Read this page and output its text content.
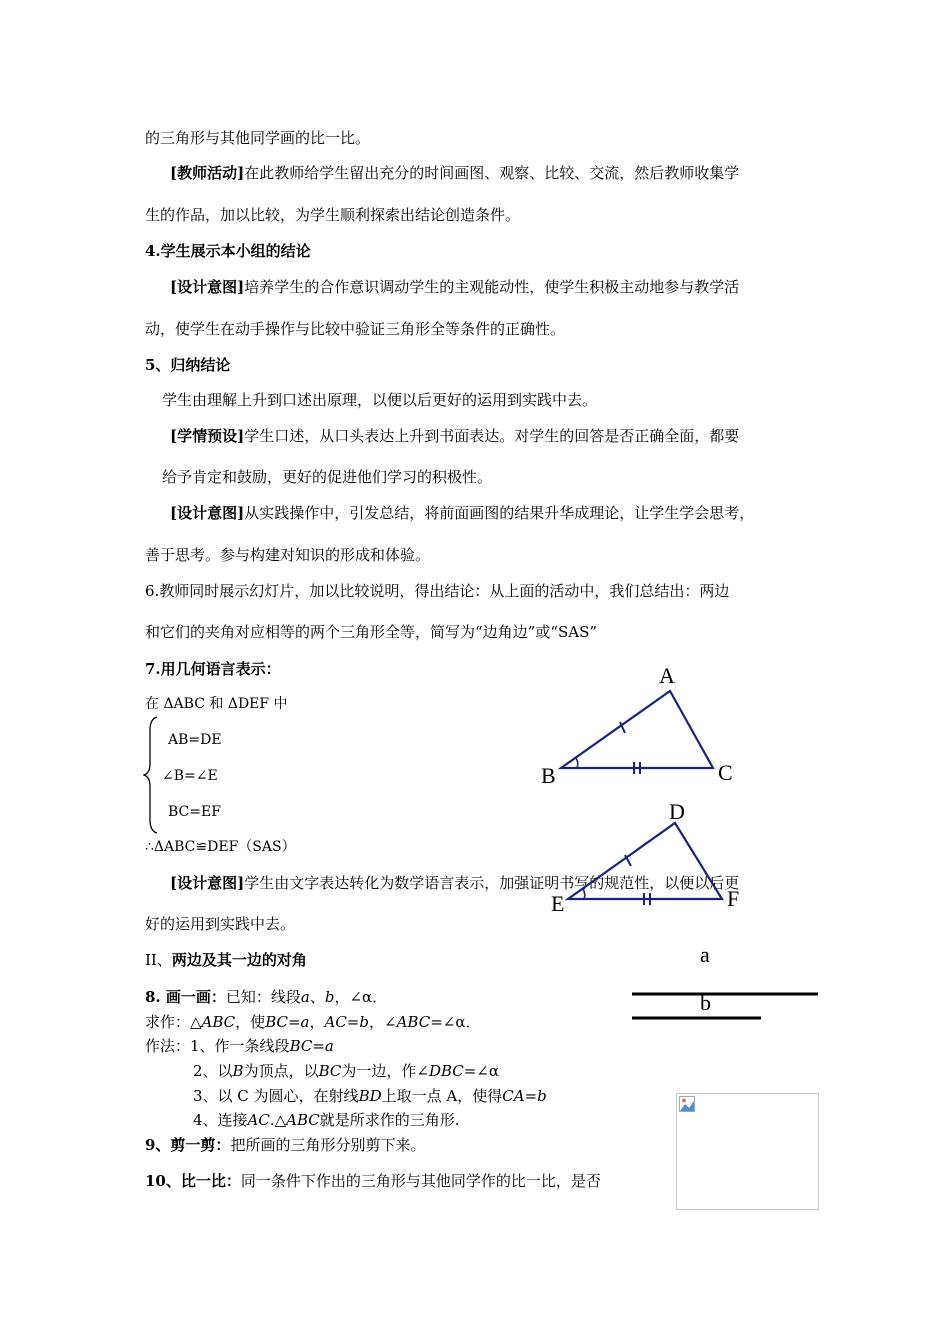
的三角形与其他同学画的比一比。
[教师活动]在此教师给学生留出充分的时间画图、观察、比较、交流，然后教师收集学
生的作品，加以比较，为学生顺利探索出结论创造条件。
4.学生展示本小组的结论
[设计意图]培养学生的合作意识调动学生的主观能动性，使学生积极主动地参与教学活
动，使学生在动手操作与比较中验证三角形全等条件的正确性。
5、归纳结论
学生由理解上升到口述出原理，以便以后更好的运用到实践中去。
[学情预设]学生口述，从口头表达上升到书面表达。对学生的回答是否正确全面，都要
给予肯定和鼓励，更好的促进他们学习的积极性。
[设计意图]从实践操作中，引发总结，将前面画图的结果升华成理论，让学生学会思考，
善于思考。参与构建对知识的形成和体验。
6.教师同时展示幻灯片，加以比较说明，得出结论：从上面的活动中，我们总结出：两边
和它们的夹角对应相等的两个三角形全等，简写为“边角边”或“SAS”
7.用几何语言表示：
在 ΔABC 和 ΔDEF 中
AB=DE
∠B=∠E
BC=EF
∴ΔABC≌DEF（SAS）
[设计意图]学生由文字表达转化为数学语言表示，加强证明书写的规范性，以便以后更
好的运用到实践中去。
II、两边及其一边的对角
8. 画一画：已知：线段a、b，∠α．
求作：△ABC，使BC=a，AC=b，∠ABC=∠α．
作法：1、作一条线段BC=a
2、以B为顶点，以BC为一边，作∠DBC=∠α
3、以 C 为圆心，在射线BD上取一点 A，使得CA=b
4、连接AC.△ABC就是所求作的三角形.
9、剪一剪：把所画的三角形分别剪下来。
10、比一比：同一条件下作出的三角形与其他同学作的比一比，是否
A
B	C
D
E	F
a
b
